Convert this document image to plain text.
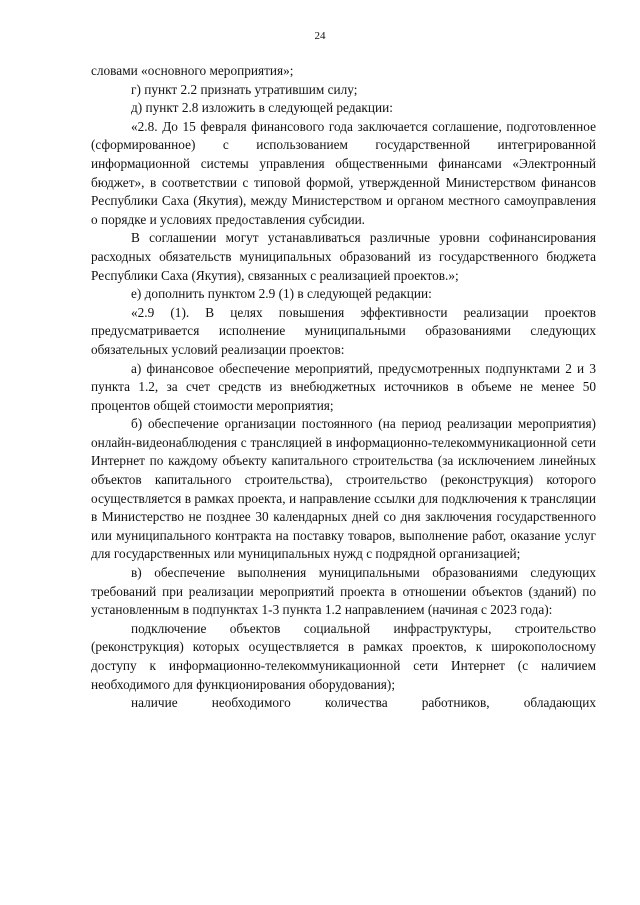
24

словами «основного мероприятия»;

г) пункт 2.2 признать утратившим силу;

д) пункт 2.8 изложить в следующей редакции:

«2.8. До 15 февраля финансового года заключается соглашение, подготовленное (сформированное) с использованием государственной интегрированной информационной системы управления общественными финансами «Электронный бюджет», в соответствии с типовой формой, утвержденной Министерством финансов Республики Саха (Якутия), между Министерством и органом местного самоуправления о порядке и условиях предоставления субсидии.

В соглашении могут устанавливаться различные уровни софинансирования расходных обязательств муниципальных образований из государственного бюджета Республики Саха (Якутия), связанных с реализацией проектов.»;

е) дополнить пунктом 2.9 (1) в следующей редакции:

«2.9 (1). В целях повышения эффективности реализации проектов предусматривается исполнение муниципальными образованиями следующих обязательных условий реализации проектов:

а) финансовое обеспечение мероприятий, предусмотренных подпунктами 2 и 3 пункта 1.2, за счет средств из внебюджетных источников в объеме не менее 50 процентов общей стоимости мероприятия;

б) обеспечение организации постоянного (на период реализации мероприятия) онлайн-видеонаблюдения с трансляцией в информационно-телекоммуникационной сети Интернет по каждому объекту капитального строительства (за исключением линейных объектов капитального строительства), строительство (реконструкция) которого осуществляется в рамках проекта, и направление ссылки для подключения к трансляции в Министерство не позднее 30 календарных дней со дня заключения государственного или муниципального контракта на поставку товаров, выполнение работ, оказание услуг для государственных или муниципальных нужд с подрядной организацией;

в) обеспечение выполнения муниципальными образованиями следующих требований при реализации мероприятий проекта в отношении объектов (зданий) по установленным в подпунктах 1-3 пункта 1.2 направлением (начиная с 2023 года):

подключение объектов социальной инфраструктуры, строительство (реконструкция) которых осуществляется в рамках проектов, к широкополосному доступу к информационно-телекоммуникационной сети Интернет (с наличием необходимого для функционирования оборудования);

наличие необходимого количества работников, обладающих
